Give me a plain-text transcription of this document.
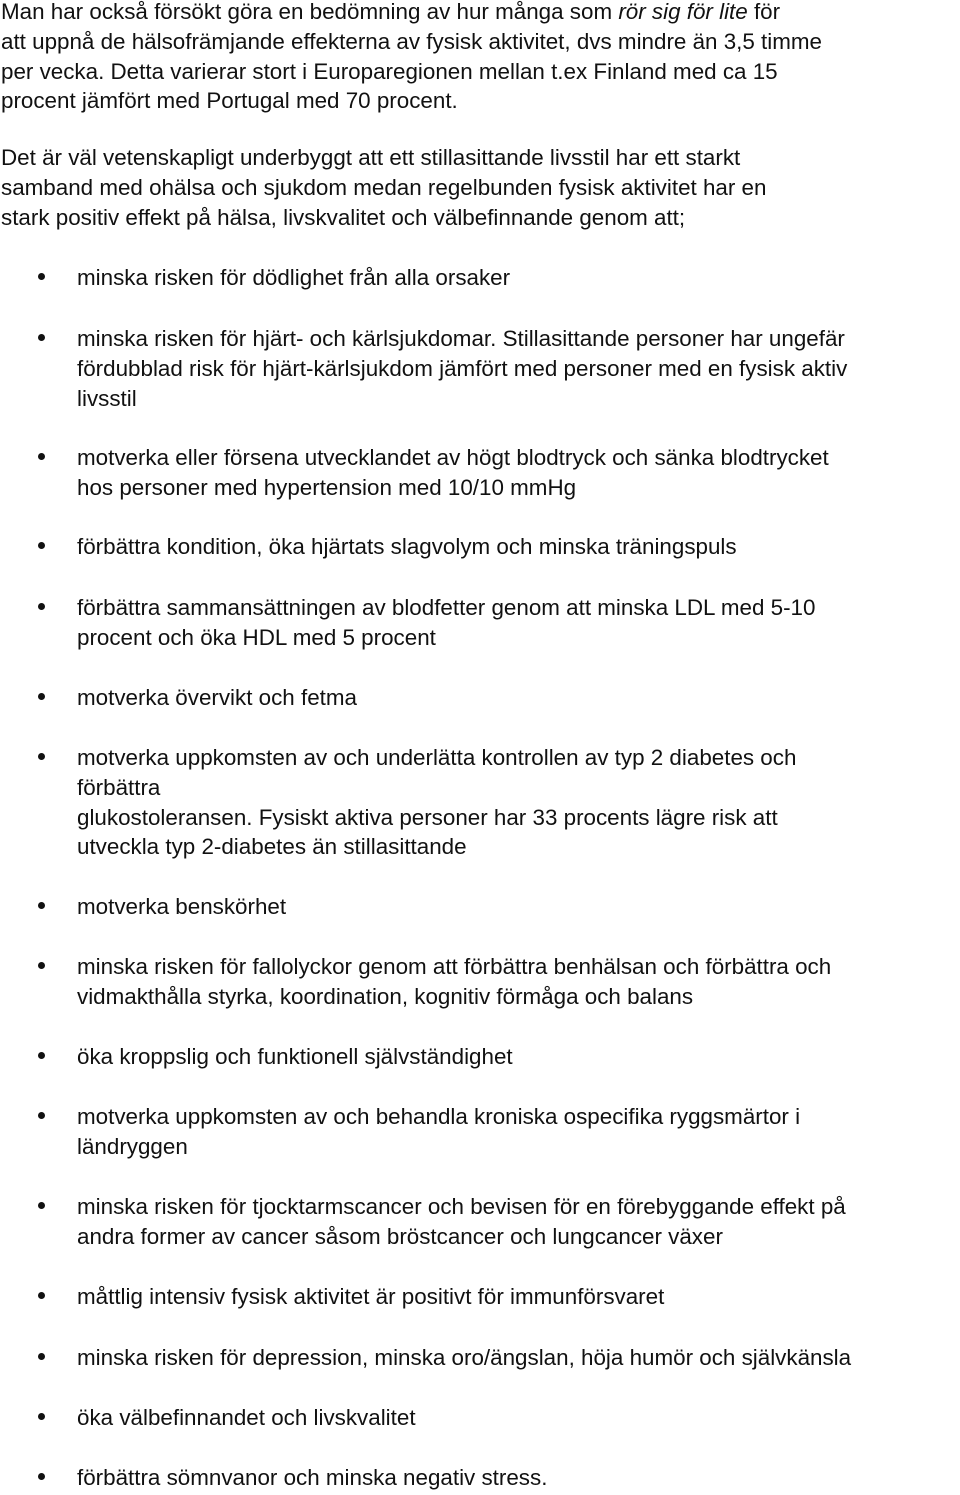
Man har också försökt göra en bedömning av hur många som rör sig för lite för
att uppnå de hälsofrämjande effekterna av fysisk aktivitet, dvs mindre än 3,5 timme
per vecka. Detta varierar stort i Europaregionen mellan t.ex Finland med ca 15
procent jämfört med Portugal med 70 procent.

Det är väl vetenskapligt underbyggt att ett stillasittande livsstil har ett starkt
samband med ohälsa och sjukdom medan regelbunden fysisk aktivitet har en
stark positiv effekt på hälsa, livskvalitet och välbefinnande genom att;

minska risken för dödlighet från alla orsaker
minska risken för hjärt- och kärlsjukdomar. Stillasittande personer har ungefär
fördubblad risk för hjärt-kärlsjukdom jämfört med personer med en fysisk aktiv
livsstil
motverka eller försena utvecklandet av högt blodtryck och sänka blodtrycket
hos personer med hypertension med 10/10 mmHg
förbättra kondition, öka hjärtats slagvolym och minska träningspuls
förbättra sammansättningen av blodfetter genom att minska LDL med 5-10
procent och öka HDL med 5 procent
motverka övervikt och fetma
motverka uppkomsten av och underlätta kontrollen av typ 2 diabetes och
förbättra
glukostoleransen. Fysiskt aktiva personer har 33 procents lägre risk att
utveckla typ 2-diabetes än stillasittande
motverka benskörhet
minska risken för fallolyckor genom att förbättra benhälsan och förbättra och
vidmakthålla styrka, koordination, kognitiv förmåga och balans
öka kroppslig och funktionell självständighet
motverka uppkomsten av och behandla kroniska ospecifika ryggsmärtor i
ländryggen
minska risken för tjocktarmscancer och bevisen för en förebyggande effekt på
andra former av cancer såsom bröstcancer och lungcancer växer
måttlig intensiv fysisk aktivitet är positivt för immunförsvaret
minska risken för depression, minska oro/ängslan, höja humör och självkänsla
öka välbefinnandet och livskvalitet
förbättra sömnvanor och minska negativ stress.
